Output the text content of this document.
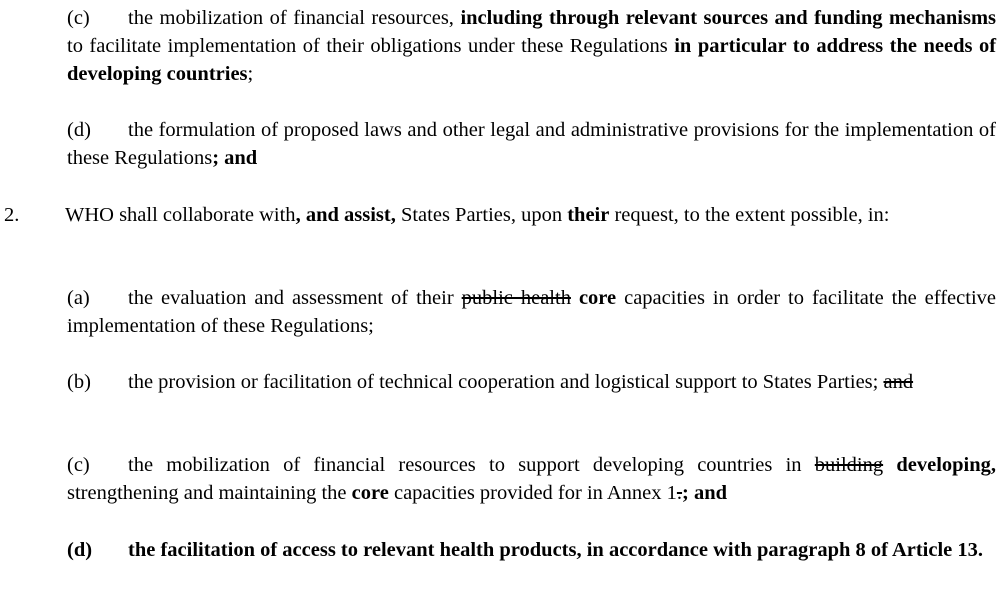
(c) the mobilization of financial resources, including through relevant sources and funding mechanisms to facilitate implementation of their obligations under these Regulations in particular to address the needs of developing countries;
(d) the formulation of proposed laws and other legal and administrative provisions for the implementation of these Regulations; and
2. WHO shall collaborate with, and assist, States Parties, upon their request, to the extent possible, in:
(a) the evaluation and assessment of their public health core capacities in order to facilitate the effective implementation of these Regulations;
(b) the provision or facilitation of technical cooperation and logistical support to States Parties; and
(c) the mobilization of financial resources to support developing countries in building developing, strengthening and maintaining the core capacities provided for in Annex 1.; and
(d) the facilitation of access to relevant health products, in accordance with paragraph 8 of Article 13.
